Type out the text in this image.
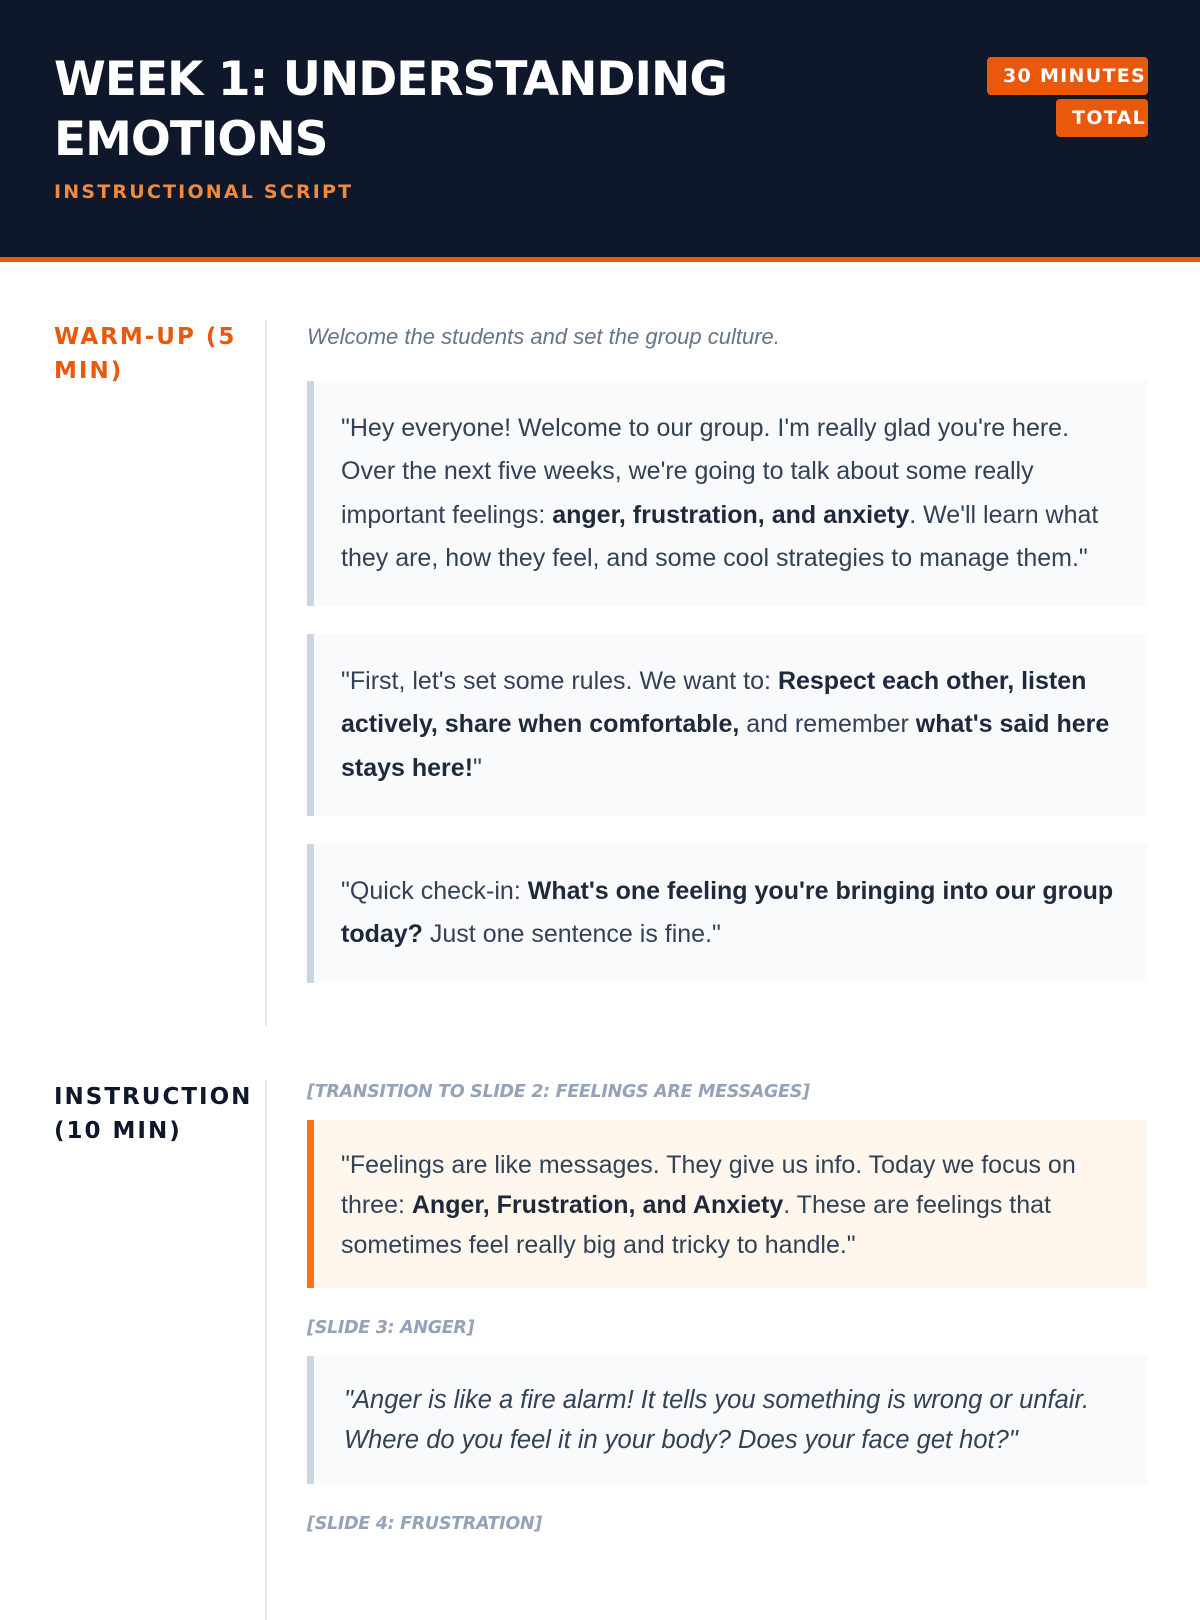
WEEK 1: UNDERSTANDING EMOTIONS
INSTRUCTIONAL SCRIPT
30 MINUTES TOTAL
WARM-UP (5 MIN)

Welcome the students and set the group culture.

"Hey everyone! Welcome to our group. I'm really glad you're here. Over the next five weeks, we're going to talk about some really important feelings: anger, frustration, and anxiety. We'll learn what they are, how they feel, and some cool strategies to manage them."
"First, let's set some rules. We want to: Respect each other, listen actively, share when comfortable, and remember what's said here stays here!"
"Quick check-in: What's one feeling you're bringing into our group today? Just one sentence is fine."
INSTRUCTION (10 MIN)
[TRANSITION TO SLIDE 2: FEELINGS ARE MESSAGES]
"Feelings are like messages. They give us info. Today we focus on three: Anger, Frustration, and Anxiety. These are feelings that sometimes feel really big and tricky to handle."
[SLIDE 3: ANGER]
"Anger is like a fire alarm! It tells you something is wrong or unfair. Where do you feel it in your body? Does your face get hot?"
[SLIDE 4: FRUSTRATION]
